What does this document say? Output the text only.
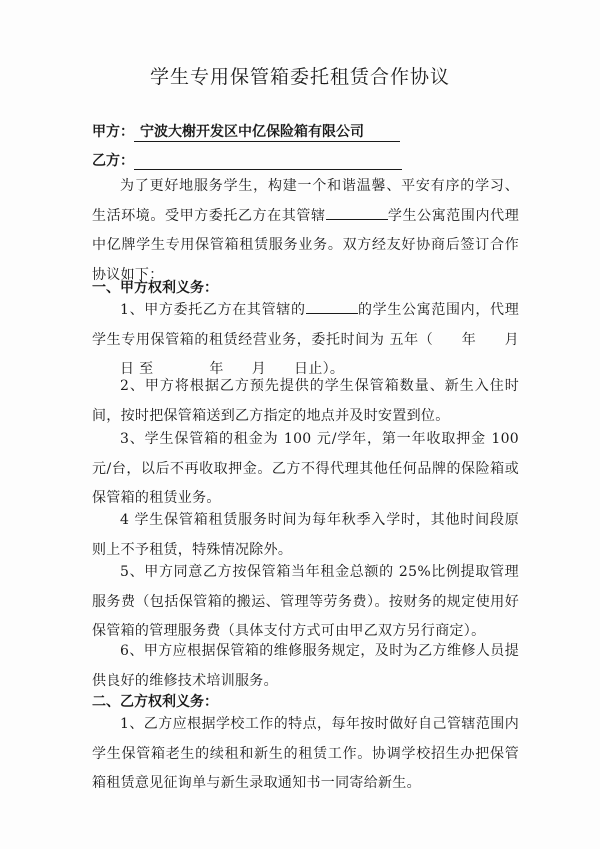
学生专用保管箱委托租赁合作协议
甲方： 宁波大榭开发区中亿保险箱有限公司
乙方：
为了更好地服务学生，构建一个和谐温馨、平安有序的学习、生活环境。受甲方委托乙方在其管辖	学生公寓范围内代理中亿牌学生专用保管箱租赁服务业务。双方经友好协商后签订合作协议如下：
一、甲方权利义务：
1、甲方委托乙方在其管辖的	的学生公寓范围内，代理学生专用保管箱的租赁经营业务，委托时间为 五年（ 年 月日 至	年 月 日止）。
2、甲方将根据乙方预先提供的学生保管箱数量、新生入住时间，按时把保管箱送到乙方指定的地点并及时安置到位。
3、学生保管箱的租金为 100 元/学年，第一年收取押金 100 元/台，以后不再收取押金。乙方不得代理其他任何品牌的保险箱或保管箱的租赁业务。
4 学生保管箱租赁服务时间为每年秋季入学时，其他时间段原则上不予租赁，特殊情况除外。
5、甲方同意乙方按保管箱当年租金总额的 25%比例提取管理服务费（包括保管箱的搬运、管理等劳务费）。按财务的规定使用好保管箱的管理服务费（具体支付方式可由甲乙双方另行商定）。
6、甲方应根据保管箱的维修服务规定，及时为乙方维修人员提供良好的维修技术培训服务。
二、乙方权利义务：
1、乙方应根据学校工作的特点，每年按时做好自己管辖范围内学生保管箱老生的续租和新生的租赁工作。协调学校招生办把保管箱租赁意见征询单与新生录取通知书一同寄给新生。
